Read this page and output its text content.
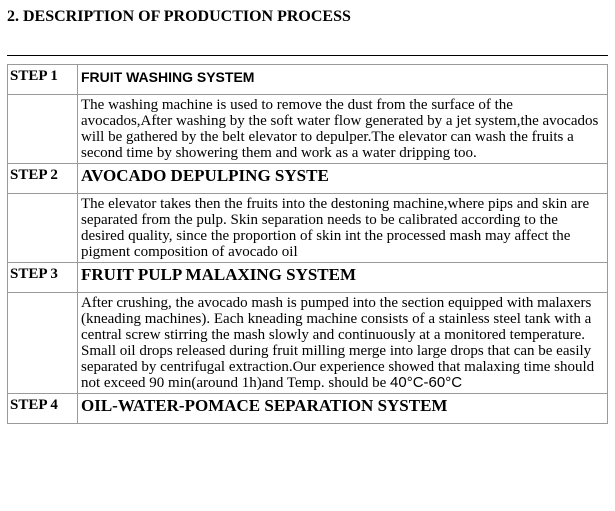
2. DESCRIPTION OF PRODUCTION PROCESS
STEP 1	FRUIT WASHING SYSTEM
	The washing machine is used to remove the dust from the surface of the avocados,After washing by the soft water flow generated by a jet system,the avocados will be gathered by the belt elevator to depulper.The elevator can wash the fruits a second time by showering them and work as a water dripping too.
STEP 2	AVOCADO DEPULPING SYSTE
	The elevator takes then the fruits into the destoning machine,where pips and skin are separated from the pulp. Skin separation needs to be calibrated according to the desired quality, since the proportion of skin int the processed mash may affect the pigment composition of avocado oil
STEP 3	FRUIT PULP MALAXING SYSTEM
	After crushing, the avocado mash is pumped into the section equipped with malaxers (kneading machines). Each kneading machine consists of a stainless steel tank with a central screw stirring the mash slowly and continuously at a monitored temperature. Small oil drops released during fruit milling merge into large drops that can be easily separated by centrifugal extraction.Our experience showed that malaxing time should not exceed 90 min(around 1h)and Temp. should be 40°C-60°C
STEP 4	OIL-WATER-POMACE SEPARATION SYSTEM
